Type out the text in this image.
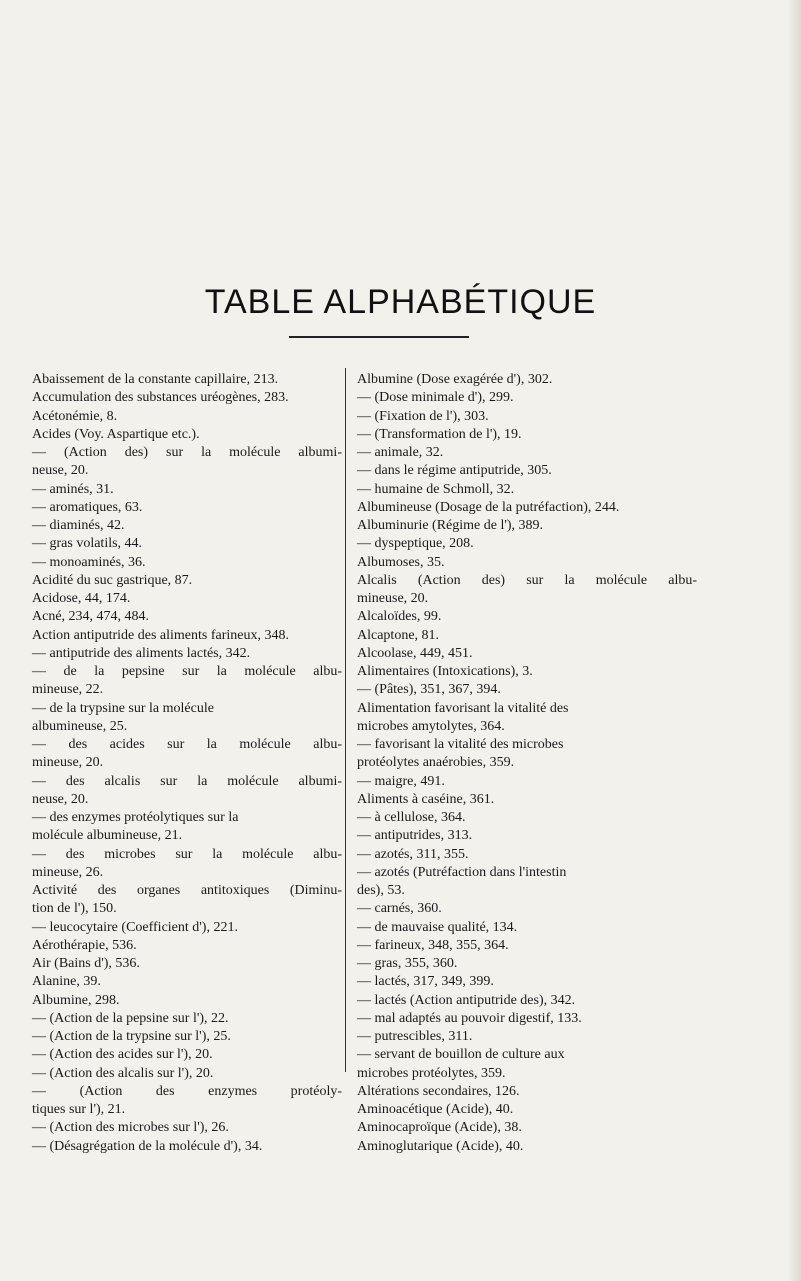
TABLE ALPHABÉTIQUE
Abaissement de la constante capillaire, 213.
Accumulation des substances uréogènes, 283.
Acétonémie, 8.
Acides (Voy. Aspartique etc.).
— (Action des) sur la molécule albumi-
neuse, 20.
— aminés, 31.
— aromatiques, 63.
— diaminés, 42.
— gras volatils, 44.
— monoaminés, 36.
Acidité du suc gastrique, 87.
Acidose, 44, 174.
Acné, 234, 474, 484.
Action antiputride des aliments farineux, 348.
— antiputride des aliments lactés, 342.
— de la pepsine sur la molécule albu-
mineuse, 22.
— de la trypsine sur la molécule
albumineuse, 25.
— des acides sur la molécule albu-
mineuse, 20.
— des alcalis sur la molécule albumi-
neuse, 20.
— des enzymes protéolytiques sur la
molécule albumineuse, 21.
— des microbes sur la molécule albu-
mineuse, 26.
Activité des organes antitoxiques (Diminu-
tion de l'), 150.
— leucocytaire (Coefficient d'), 221.
Aérothérapie, 536.
Air (Bains d'), 536.
Alanine, 39.
Albumine, 298.
— (Action de la pepsine sur l'), 22.
— (Action de la trypsine sur l'), 25.
— (Action des acides sur l'), 20.
— (Action des alcalis sur l'), 20.
— (Action des enzymes protéoly-
tiques sur l'), 21.
— (Action des microbes sur l'), 26.
— (Désagrégation de la molécule d'), 34.
Albumine (Dose exagérée d'), 302.
— (Dose minimale d'), 299.
— (Fixation de l'), 303.
— (Transformation de l'), 19.
— animale, 32.
— dans le régime antiputride, 305.
— humaine de Schmoll, 32.
Albumineuse (Dosage de la putréfaction), 244.
Albuminurie (Régime de l'), 389.
— dyspeptique, 208.
Albumoses, 35.
Alcalis (Action des) sur la molécule albu-
mineuse, 20.
Alcaloïdes, 99.
Alcaptone, 81.
Alcoolase, 449, 451.
Alimentaires (Intoxications), 3.
— (Pâtes), 351, 367, 394.
Alimentation favorisant la vitalité des
microbes amytolytes, 364.
— favorisant la vitalité des microbes
protéolytes anaérobies, 359.
— maigre, 491.
Aliments à caséine, 361.
— à cellulose, 364.
— antiputrides, 313.
— azotés, 311, 355.
— azotés (Putréfaction dans l'intestin
des), 53.
— carnés, 360.
— de mauvaise qualité, 134.
— farineux, 348, 355, 364.
— gras, 355, 360.
— lactés, 317, 349, 399.
— lactés (Action antiputride des), 342.
— mal adaptés au pouvoir digestif, 133.
— putrescibles, 311.
— servant de bouillon de culture aux
microbes protéolytes, 359.
Altérations secondaires, 126.
Aminoacétique (Acide), 40.
Aminocaproïque (Acide), 38.
Aminoglutarique (Acide), 40.
